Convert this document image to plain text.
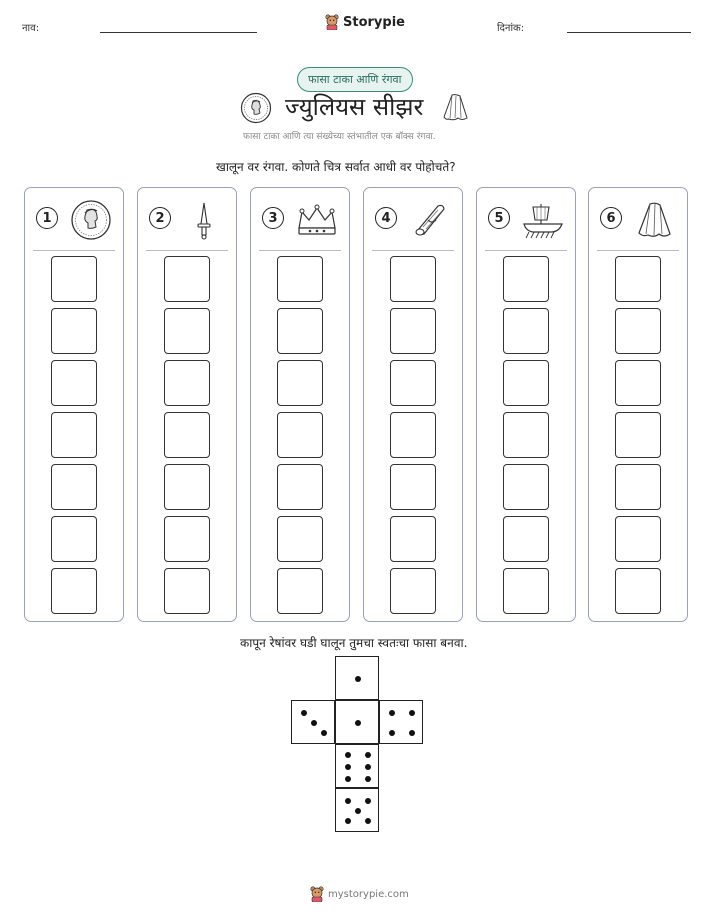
नाव:	Storypie	दिनांक:
फासा टाका आणि रंगवा
ज्युलियस सीझर
फासा टाका आणि त्या संख्येच्या स्तंभातील एक बॉक्स रंगवा.
खालून वर रंगवा. कोणते चित्र सर्वात आधी वर पोहोचते?
1	2	3	4	5	6
कापून रेषांवर घडी घालून तुमचा स्वतःचा फासा बनवा.
mystorypie.com
